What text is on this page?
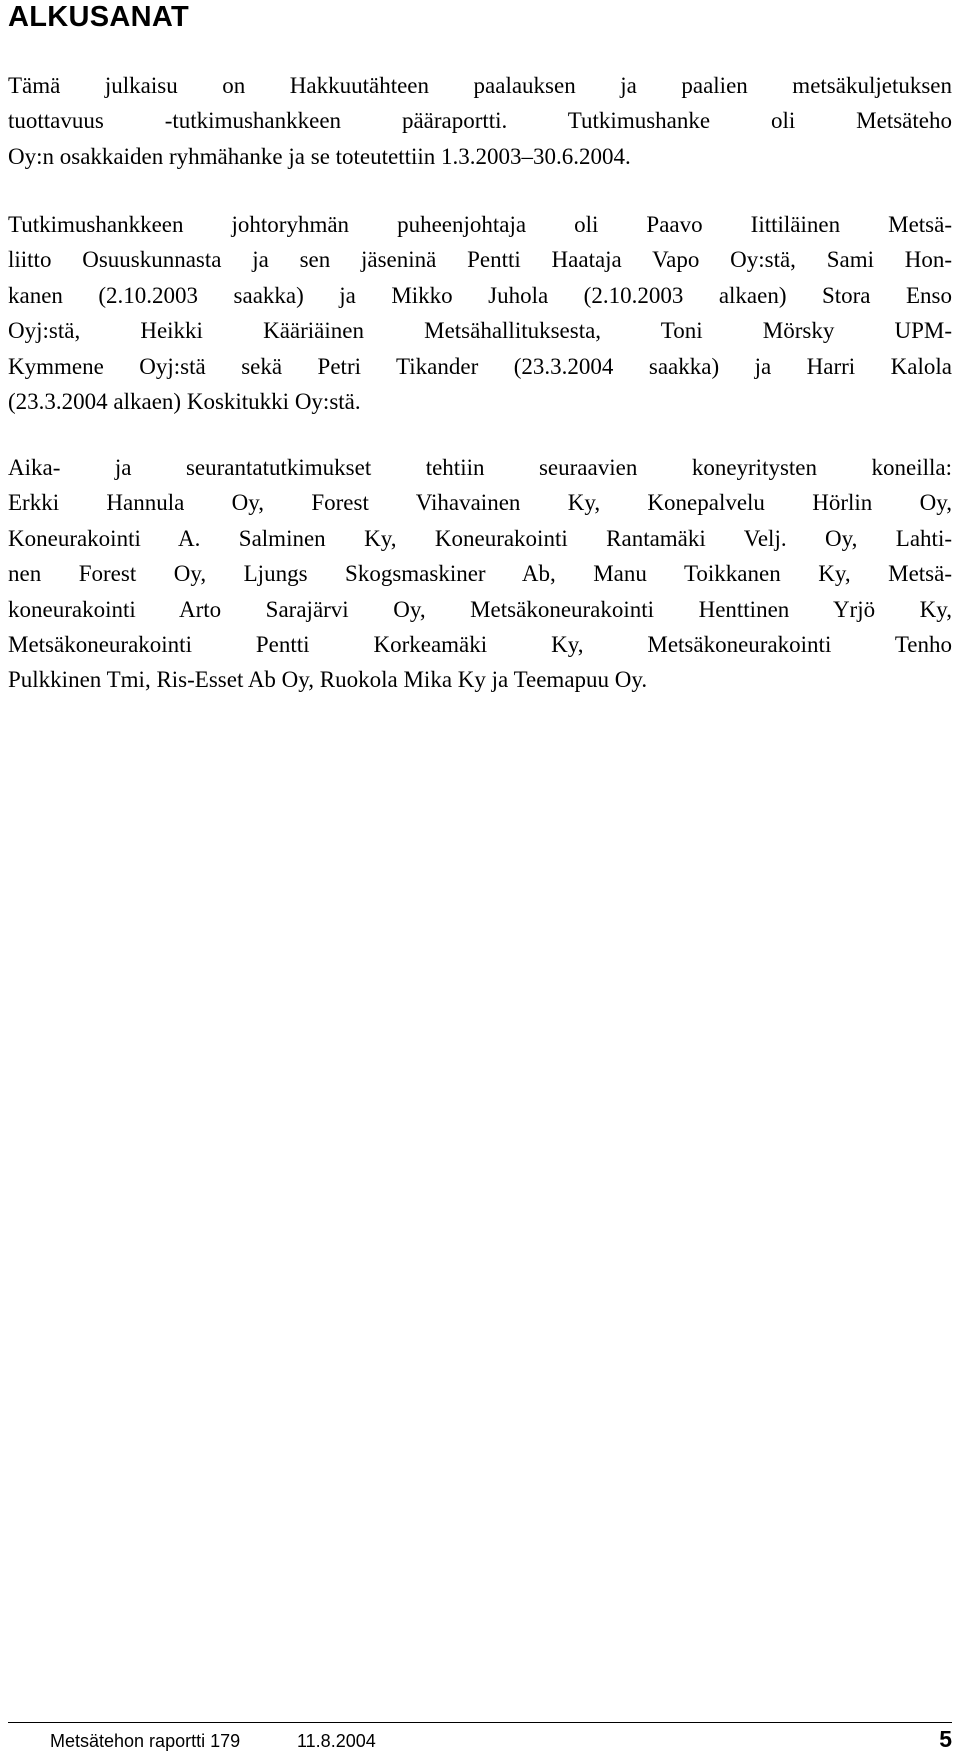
ALKUSANAT

Tämä julkaisu on Hakkuutähteen paalauksen ja paalien metsäkuljetuksen
tuottavuus -tutkimushankkeen pääraportti. Tutkimushanke oli Metsäteho
Oy:n osakkaiden ryhmähanke ja se toteutettiin 1.3.2003–30.6.2004.

Tutkimushankkeen johtoryhmän puheenjohtaja oli Paavo Iittiläinen Metsä-
liitto Osuuskunnasta ja sen jäseninä Pentti Haataja Vapo Oy:stä, Sami Hon-
kanen (2.10.2003 saakka) ja Mikko Juhola (2.10.2003 alkaen) Stora Enso
Oyj:stä, Heikki Kääriäinen Metsähallituksesta, Toni Mörsky UPM-
Kymmene Oyj:stä sekä Petri Tikander (23.3.2004 saakka) ja Harri Kalola
(23.3.2004 alkaen) Koskitukki Oy:stä.

Aika- ja seurantatutkimukset tehtiin seuraavien koneyritysten koneilla:
Erkki Hannula Oy, Forest Vihavainen Ky, Konepalvelu Hörlin Oy,
Koneurakointi A. Salminen Ky, Koneurakointi Rantamäki Velj. Oy, Lahti-
nen Forest Oy, Ljungs Skogsmaskiner Ab, Manu Toikkanen Ky, Metsä-
koneurakointi Arto Sarajärvi Oy, Metsäkoneurakointi Henttinen Yrjö Ky,
Metsäkoneurakointi Pentti Korkeamäki Ky, Metsäkoneurakointi Tenho
Pulkkinen Tmi, Ris-Esset Ab Oy, Ruokola Mika Ky ja Teemapuu Oy.

Metsätehon raportti 179	11.8.2004	5
